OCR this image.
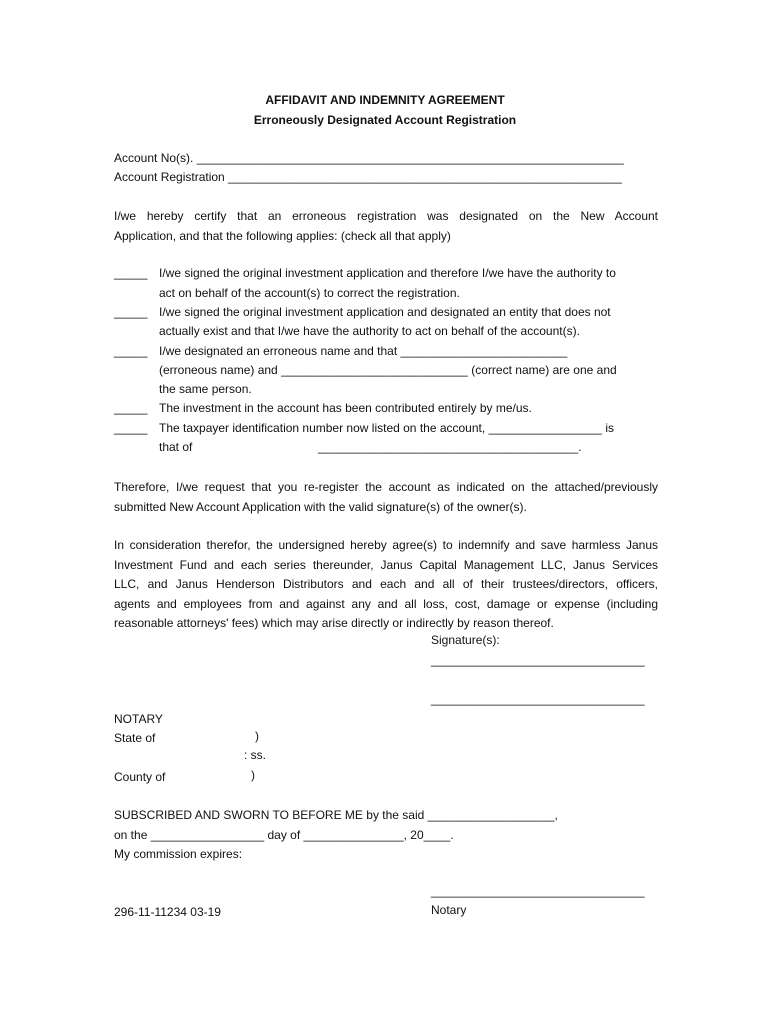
AFFIDAVIT AND INDEMNITY AGREEMENT
Erroneously Designated Account Registration
Account No(s). ________________________________________________________________
Account Registration ___________________________________________________________
I/we hereby certify that an erroneous registration was designated on the New Account
Application, and that the following applies: (check all that apply)
_____ I/we signed the original investment application and therefore I/we have the authority to
act on behalf of the account(s) to correct the registration.
_____ I/we signed the original investment application and designated an entity that does not
actually exist and that I/we have the authority to act on behalf of the account(s).
_____ I/we designated an erroneous name and that _________________________
(erroneous name) and ____________________________ (correct name) are one and
the same person.
_____ The investment in the account has been contributed entirely by me/us.
_____ The taxpayer identification number now listed on the account, _________________ is
that of	_______________________________________.
Therefore, I/we request that you re-register the account as indicated on the attached/previously
submitted New Account Application with the valid signature(s) of the owner(s).
In consideration therefor, the undersigned hereby agree(s) to indemnify and save harmless Janus
Investment Fund and each series thereunder, Janus Capital Management LLC, Janus Services
LLC, and Janus Henderson Distributors and each and all of their trustees/directors, officers,
agents and employees from and against any and all loss, cost, damage or expense (including
reasonable attorneys' fees) which may arise directly or indirectly by reason thereof.
Signature(s):
________________________________
________________________________
NOTARY
State of	)
: ss.
County of	)
SUBSCRIBED AND SWORN TO BEFORE ME by the said ___________________,
on the _________________ day of _______________, 20____.
My commission expires:
________________________________
296-11-11234 03-19	Notary
